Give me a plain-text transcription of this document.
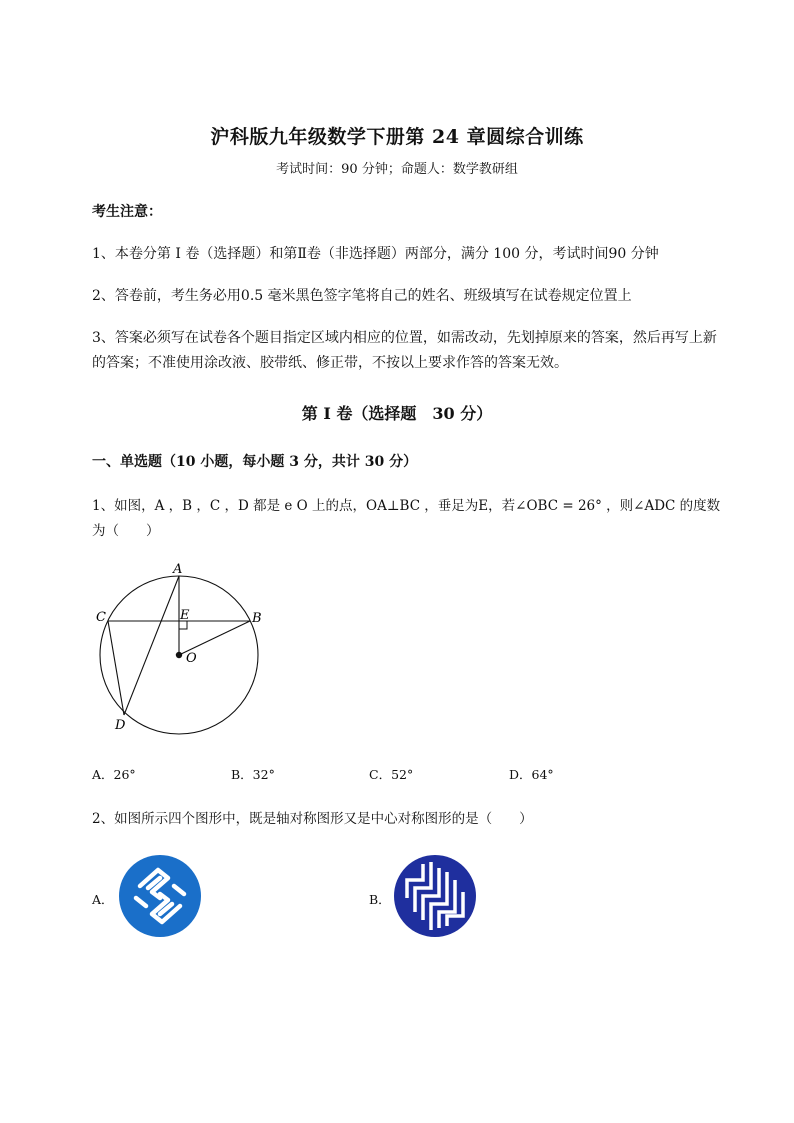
沪科版九年级数学下册第 24 章圆综合训练
考试时间：90 分钟；命题人：数学教研组
考生注意：
1、本卷分第 I 卷（选择题）和第Ⅱ卷（非选择题）两部分，满分 100 分，考试时间90 分钟
2、答卷前，考生务必用0.5 毫米黑色签字笔将自己的姓名、班级填写在试卷规定位置上
3、答案必须写在试卷各个题目指定区域内相应的位置，如需改动，先划掉原来的答案，然后再写上新
的答案；不准使用涂改液、胶带纸、修正带，不按以上要求作答的答案无效。
第 I 卷（选择题　30 分）
一、单选题（10 小题，每小题 3 分，共计 30 分）
1、如图，A ，B ，C ，D 都是 e O 上的点，OA⊥BC ，垂足为E，若∠OBC = 26° ，则∠ADC 的度数
为（　　）
A
B
C
D
E
O
A．26°	B．32°	C．52°	D．64°
2、如图所示四个图形中，既是轴对称图形又是中心对称图形的是（　　）
A．	B．
